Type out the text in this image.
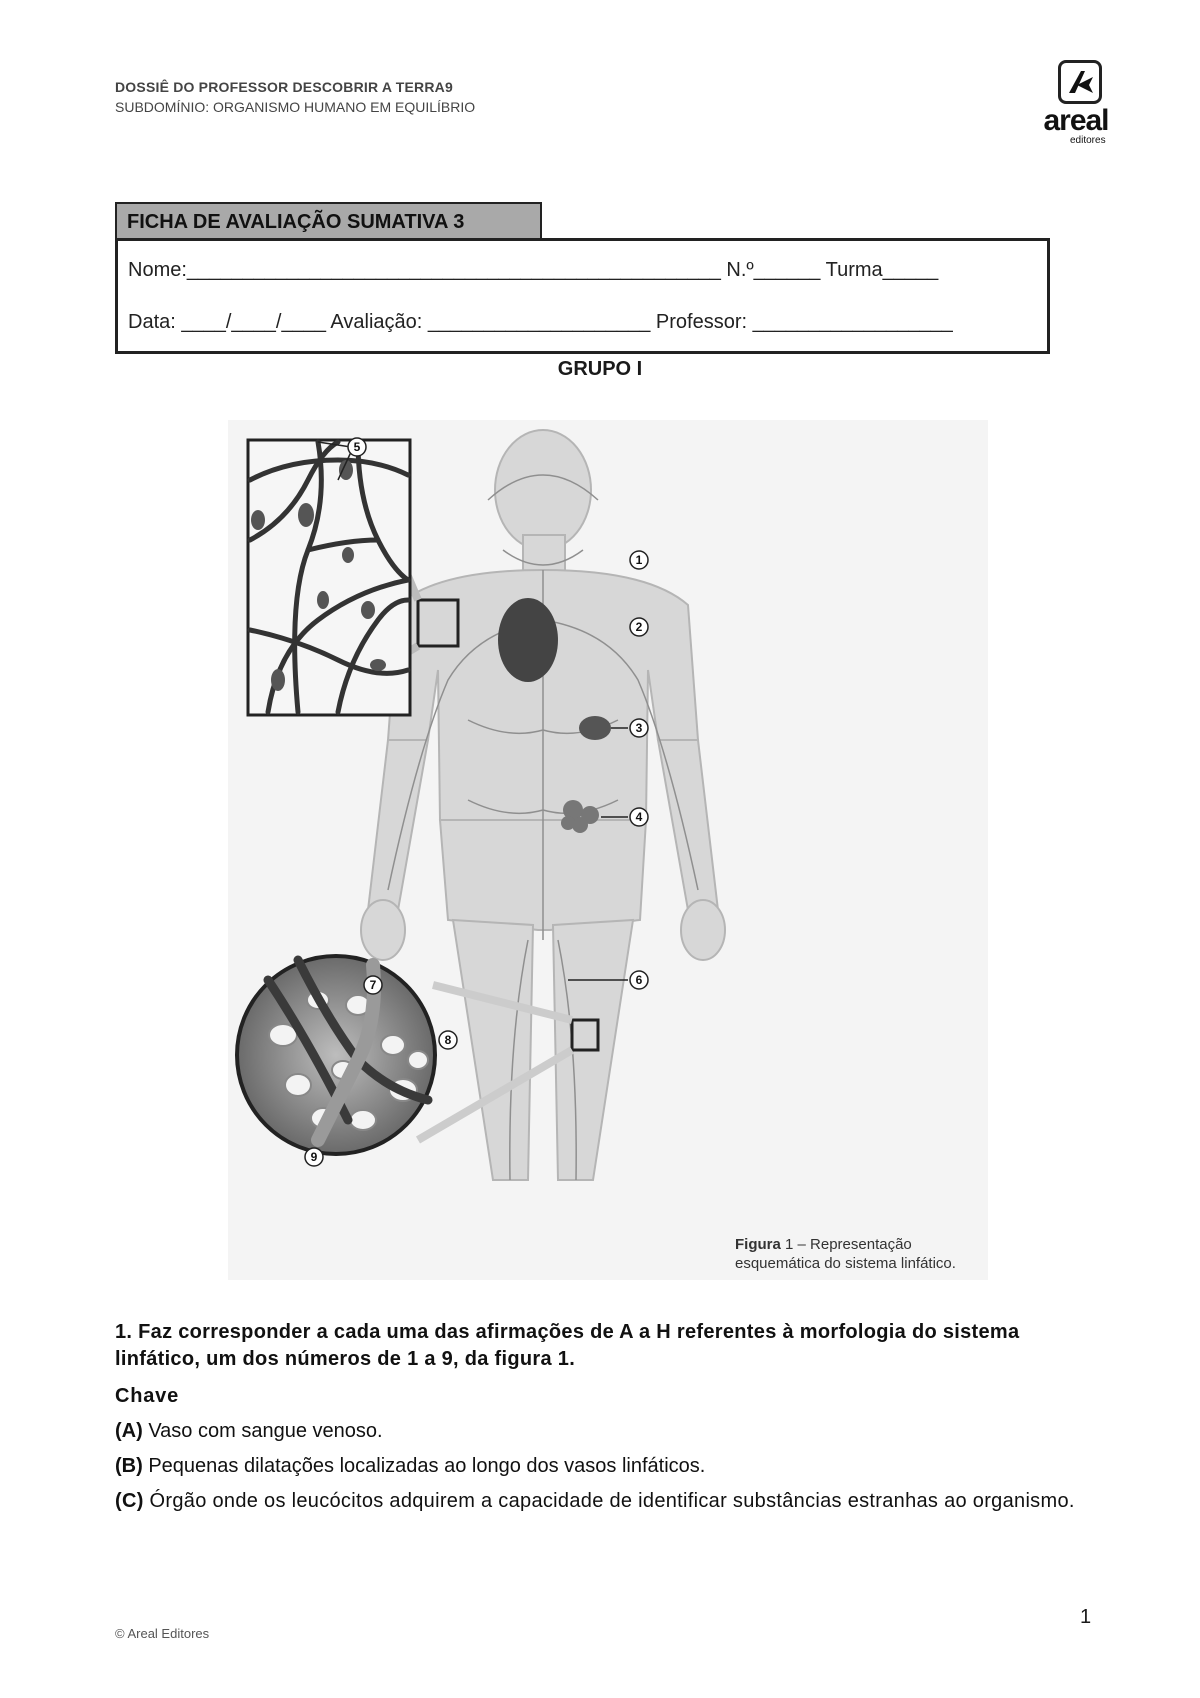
DOSSIÊ DO PROFESSOR DESCOBRIR A TERRA9
SUBDOMÍNIO: ORGANISMO HUMANO EM EQUILÍBRIO	areal
editores
FICHA DE AVALIAÇÃO SUMATIVA 3
Nome:________________________________________________ N.º______ Turma_____
Data: ____/____/____ Avaliação: ____________________ Professor: __________________
GRUPO I
1
2
3
4
5
6
7
8
9
Figura 1 – Representação
esquemática do sistema linfático.
1. Faz corresponder a cada uma das afirmações de A a H referentes à morfologia do sistema linfático, um dos números de 1 a 9, da figura 1.
Chave
(A) Vaso com sangue venoso.
(B) Pequenas dilatações localizadas ao longo dos vasos linfáticos.
(C) Órgão onde os leucócitos adquirem a capacidade de identificar substâncias estranhas ao organismo.
1
© Areal Editores
